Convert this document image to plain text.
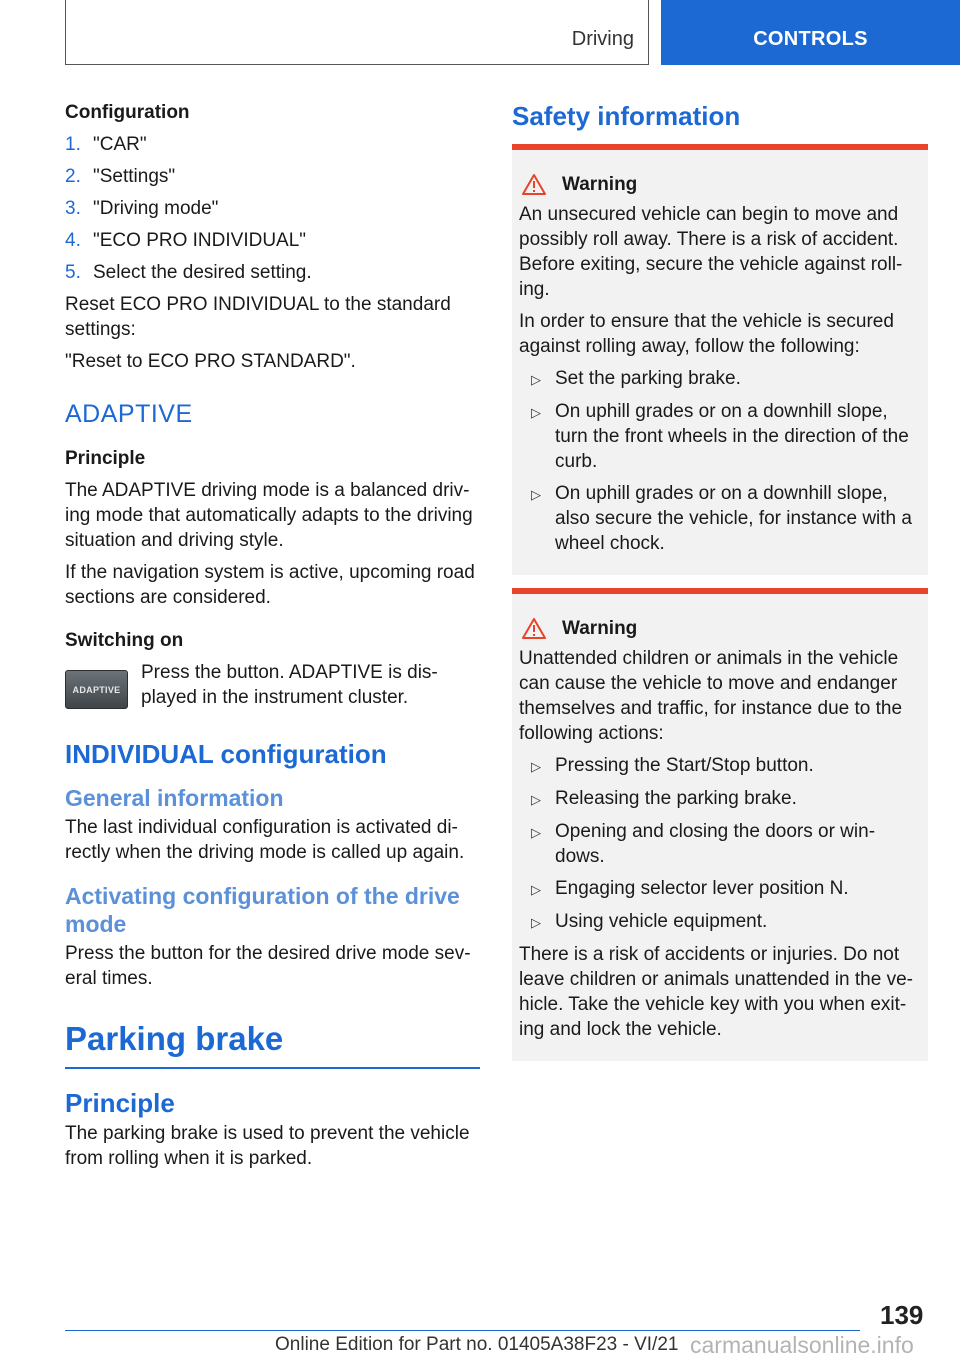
Driving	CONTROLS
Configuration
1. "CAR"
2. "Settings"
3. "Driving mode"
4. "ECO PRO INDIVIDUAL"
5. Select the desired setting.
Reset ECO PRO INDIVIDUAL to the standard settings:
"Reset to ECO PRO STANDARD".
ADAPTIVE
Principle
The ADAPTIVE driving mode is a balanced driv‐ ing mode that automatically adapts to the driving situation and driving style.
If the navigation system is active, upcoming road sections are considered.
Switching on
ADAPTIVE
Press the button. ADAPTIVE is dis‐ played in the instrument cluster.
INDIVIDUAL configuration
General information
The last individual configuration is activated di‐ rectly when the driving mode is called up again.
Activating configuration of the drive mode
Press the button for the desired drive mode sev‐ eral times.
Parking brake
Principle
The parking brake is used to prevent the vehicle from rolling when it is parked.
Safety information
Warning
An unsecured vehicle can begin to move and possibly roll away. There is a risk of accident. Before exiting, secure the vehicle against roll‐ ing.
In order to ensure that the vehicle is secured against rolling away, follow the following:
▷ Set the parking brake.
▷ On uphill grades or on a downhill slope, turn the front wheels in the direction of the curb.
▷ On uphill grades or on a downhill slope, also secure the vehicle, for instance with a wheel chock.
Warning
Unattended children or animals in the vehicle can cause the vehicle to move and endanger themselves and traffic, for instance due to the following actions:
▷ Pressing the Start/Stop button.
▷ Releasing the parking brake.
▷ Opening and closing the doors or win‐ dows.
▷ Engaging selector lever position N.
▷ Using vehicle equipment.
There is a risk of accidents or injuries. Do not leave children or animals unattended in the ve‐ hicle. Take the vehicle key with you when exit‐ ing and lock the vehicle.
139
Online Edition for Part no. 01405A38F23 - VI/21 carmanualsonline.info
